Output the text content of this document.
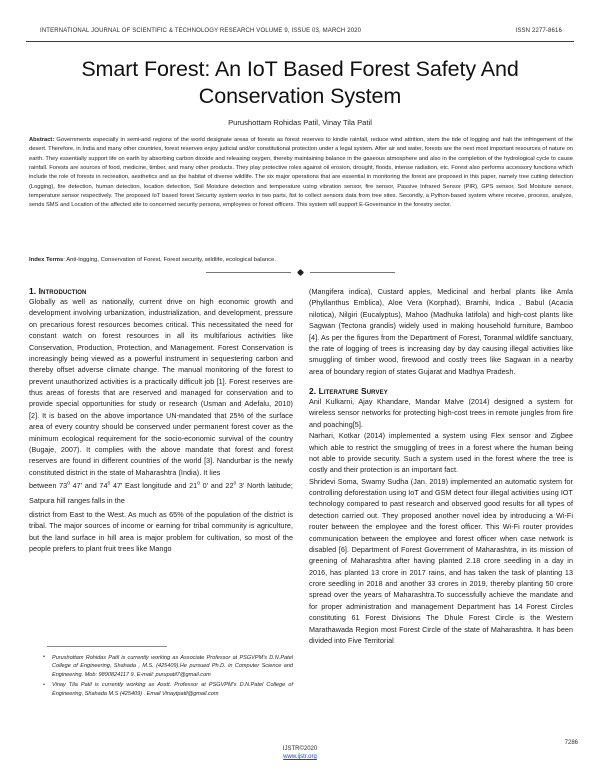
INTERNATIONAL JOURNAL OF SCIENTIFIC & TECHNOLOGY RESEARCH VOLUME 9, ISSUE 03, MARCH 2020	ISSN 2277-8616
Smart Forest: An IoT Based Forest Safety And Conservation System
Purushottam Rohidas Patil, Vinay Tila Patil
Abstract: Governments especially in semi-arid regions of the world designate areas of forests as forest reserves to kindle rainfall, reduce wind attrition, stem the tide of logging and halt the infringement of the desert. Therefore, in India and many other countries, forest reserves enjoy judicial and/or constitutional protection under a legal system. After air and water, forests are the next most important resources of nature on earth. They essentially support life on earth by absorbing carbon dioxide and releasing oxygen, thereby maintaining balance in the gaseous atmosphere and also in the completion of the hydrological cycle to cause rainfall. Forests are sources of food, medicine, timber, and many other products. They play protective roles against oil erosion, drought, floods, intense radiation, etc. Forest also performs accessory functions which include the role of forests in recreation, aesthetics and as the habitat of diverse wildlife. The six major operations that are essential in monitoring the forest are proposed in this paper, namely tree cutting detection (Logging), fire detection, human detection, location detection, Soil Moisture detection and temperature using vibration sensor, fire sensor, Passive Infrared Sensor (PIR), GPS sensor, Soil Moisture sensor, temperature sensor respectively. The proposed IoT based forest Security system works in two parts, fist to collect sensors data from tree sites. Secondly, a Python-based system where receive, process, analyze, sends SMS and Location of the affected site to concerned security persons, employees or forest officers. This system will support E-Governance in the forestry sector.
Index Terms: Anti-logging, Conservation of Forest, Forest security, wildlife, ecological balance.
1. Introduction

Globally as well as nationally, current drive on high economic growth and development involving urbanization, industrialization, and development, pressure on precarious forest resources becomes critical. This necessitated the need for constant watch on forest resources in all its multifarious activities like Conservation, Production, Protection, and Management. Forest Conservation is increasingly being viewed as a powerful instrument in sequestering carbon and thereby offset adverse climate change. The manual monitoring of the forest to prevent unauthorized activities is a practically difficult job [1]. Forest reserves are thus areas of forests that are reserved and managed for conservation and to provide special opportunities for study or research (Usman and Adefalu, 2010) [2]. It is based on the above importance UN-mandated that 25% of the surface area of every country should be conserved under permanent forest cover as the minimum ecological requirement for the socio-economic survival of the country (Bugaje, 2007). It complies with the above mandate that forest and forest reserves are found in different countries of the world [3]. Nandurbar is the newly constituted district in the state of Maharashtra (India). It lies

between 73$^o$ 47' and 74$^o$ 47' East longitude and 21$^o$ 0' and 22$^o$ 3' North latitude; Satpura hill ranges falls in the

district from East to the West. As much as 65% of the population of the district is tribal. The major sources of income or earning for tribal community is agriculture, but the land surface in hill area is major problem for cultivation, so most of the people prefers to plant fruit trees like Mango

• Purushottam Rohidas Patil is currently working as Associate Professor at PSGVPM's D.N.Patel College of Engineering, Shahada , M.S. (425409).He pursued Ph.D. in Computer Science and Engineering. Mob: 9890824117 9. E-mail: purupatil7@gmail.com
• Vinay Tila Patil is currently working as Asstt. Professor at PSGVPM's D.N.Patel College of Engineering, Shahada M.S (425409) . Email Vinaytpatil@gmail.com

(Mangifera indica), Custard apples, Medicinal and herbal plants like Amla (Phyllanthus Emblica), Aloe Vera (Korphad), Bramhi, Indica , Babul (Acacia nilotica), Nilgiri (Eucalyptus), Mahoo (Madhuka latifola) and high-cost plants like Sagwan (Tectona grandis) widely used in making household furniture, Bamboo [4]. As per the figures from the Department of Forest, Toranmal wildlife sanctuary, the rate of logging of trees is increasing day by day causing illegal activities like smuggling of timber wood, firewood and costly trees like Sagwan in a nearby area of boundary region of states Gujarat and Madhya Pradesh.

2. Literature Survey

Anil Kulkarni, Ajay Khandare, Mandar Malve (2014) designed a system for wireless sensor networks for protecting high-cost trees in remote jungles from fire and poaching[5].

Narhari, Kotkar (2014) implemented a system using Flex sensor and Zigbee which able to restrict the smuggling of trees in a forest where the human being not able to provide security. Such a system used in the forest where the tree is costly and their protection is an important fact.

Shridevi Soma, Swamy Sudha (Jan. 2019) implemented an automatic system for controlling deforestation using IoT and GSM detect four illegal activities using IOT technology compared to past research and observed good results for all types of detection carried out. They proposed another novel idea by introducing a Wi-Fi router between the employee and the forest officer. This Wi-Fi router provides communication between the employee and forest officer when case network is disabled [6]. Department of Forest Government of Maharashtra, in its mission of greening of Maharashtra after having planted 2.18 crore seedling in a day in 2016, has planted 13 crore in 2017 rains, and has taken the task of planting 13 crore seedling in 2018 and another 33 crores in 2019, thereby planting 50 crore spread over the years of Maharashtra.To successfully achieve the mandate and for proper administration and management Department has 14 Forest Circles constituting 61 Forest Divisions The Dhule Forest Circle is the Western Marathawada Region most Forest Circle of the state of Maharashtra. It has been divided into Five Territorial

IJSTR©2020
www.ijstr.org
7286
